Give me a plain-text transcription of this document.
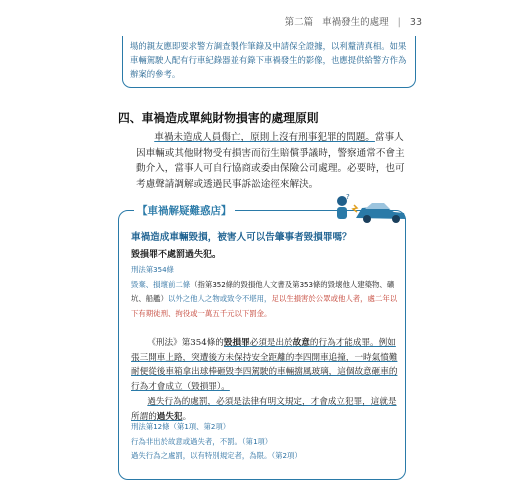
第二篇 車禍發生的處理 | 33
場的親友應即要求警方調查製作筆錄及申請保全證據，以利釐清真相。如果車輛駕駛人配有行車紀錄器並有錄下車禍發生的影像，也應提供給警方作為辦案的參考。
四、車禍造成單純財物損害的處理原則
車禍未造成人員傷亡，原則上沒有刑事犯罪的問題。當事人因車輛或其他財物受有損害而衍生賠償爭議時，警察通常不會主動介入，當事人可自行協商或委由保險公司處理。必要時，也可考慮聲請調解或透過民事訴訟途徑來解決。
【車禍解疑難惑店】
?
車禍造成車輛毀損，被害人可以告肇事者毀損罪嗎？
毀損罪不處罰過失犯。
刑法第354條
毀棄、損壞前二條（指第352條的毀損他人文書及第353條的毀壞他人建築物、礦坑、船艦）以外之他人之物或致令不堪用，足以生損害於公眾或他人者，處二年以下有期徒刑、拘役或一萬五千元以下罰金。
《刑法》第354條的毀損罪必須是出於故意的行為才能成罪。例如張三開車上路，突遭後方未保持安全距離的李四開車追撞，一時氣憤難耐便從後車箱拿出球棒砸毀李四駕駛的車輛擋風玻璃，這個故意砸車的行為才會成立（毀損罪）。
過失行為的處罰，必須是法律有明文規定，才會成立犯罪，這就是所謂的過失犯。
刑法第12條（第1項、第2項）
行為非出於故意或過失者，不罰。（第1項）
過失行為之處罰，以有特別規定者，為限。（第2項）
